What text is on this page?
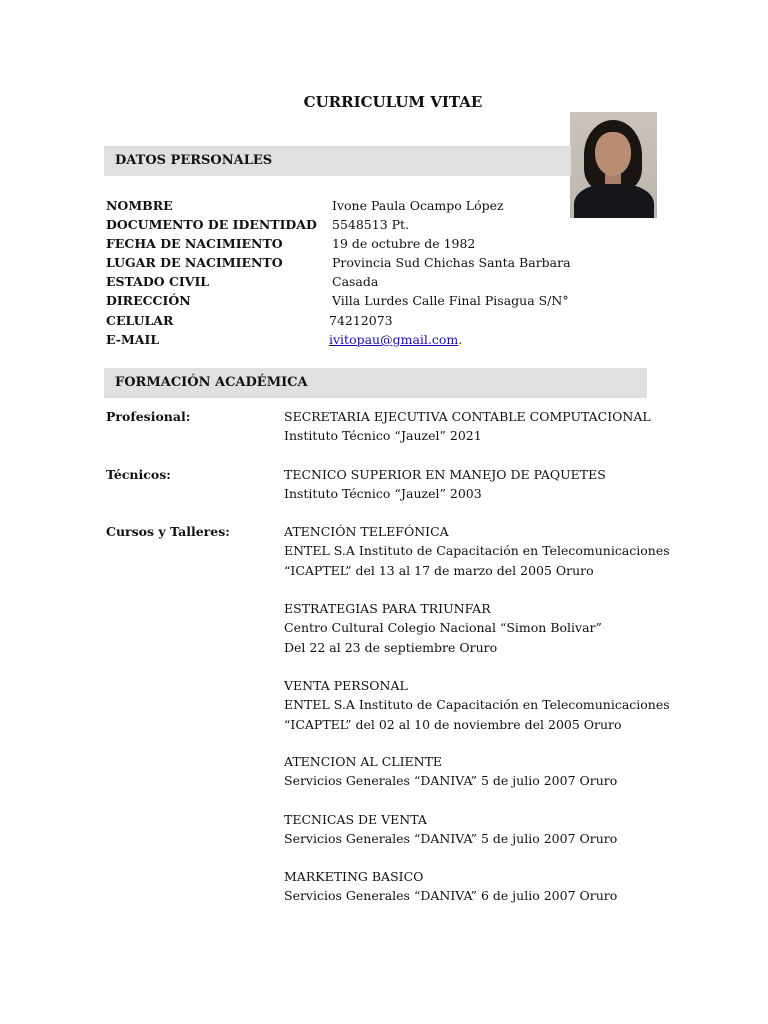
CURRICULUM VITAE
DATOS PERSONALES
NOMBRE	Ivone Paula Ocampo López
DOCUMENTO DE IDENTIDAD 5548513 Pt.
FECHA DE NACIMIENTO	19 de octubre de 1982
LUGAR DE NACIMIENTO	Provincia Sud Chichas Santa Barbara
ESTADO CIVIL	Casada
DIRECCIÓN	Villa Lurdes Calle Final Pisagua S/N°
CELULAR	74212073
E-MAIL	ivitopau@gmail.com.
FORMACIÓN ACADÉMICA
Profesional:	SECRETARIA EJECUTIVA CONTABLE COMPUTACIONAL
Instituto Técnico “Jauzel” 2021
Técnicos:	TECNICO SUPERIOR EN MANEJO DE PAQUETES
Instituto Técnico “Jauzel” 2003
Cursos y Talleres:	ATENCIÓN TELEFÓNICA
ENTEL S.A Instituto de Capacitación en Telecomunicaciones
“ICAPTEL” del 13 al 17 de marzo del 2005 Oruro
ESTRATEGIAS PARA TRIUNFAR
Centro Cultural Colegio Nacional “Simon Bolivar”
Del 22 al 23 de septiembre Oruro
VENTA PERSONAL
ENTEL S.A Instituto de Capacitación en Telecomunicaciones
“ICAPTEL” del 02 al 10 de noviembre del 2005 Oruro
ATENCION AL CLIENTE
Servicios Generales “DANIVA” 5 de julio 2007 Oruro
TECNICAS DE VENTA
Servicios Generales “DANIVA” 5 de julio 2007 Oruro
MARKETING BASICO
Servicios Generales “DANIVA” 6 de julio 2007 Oruro
